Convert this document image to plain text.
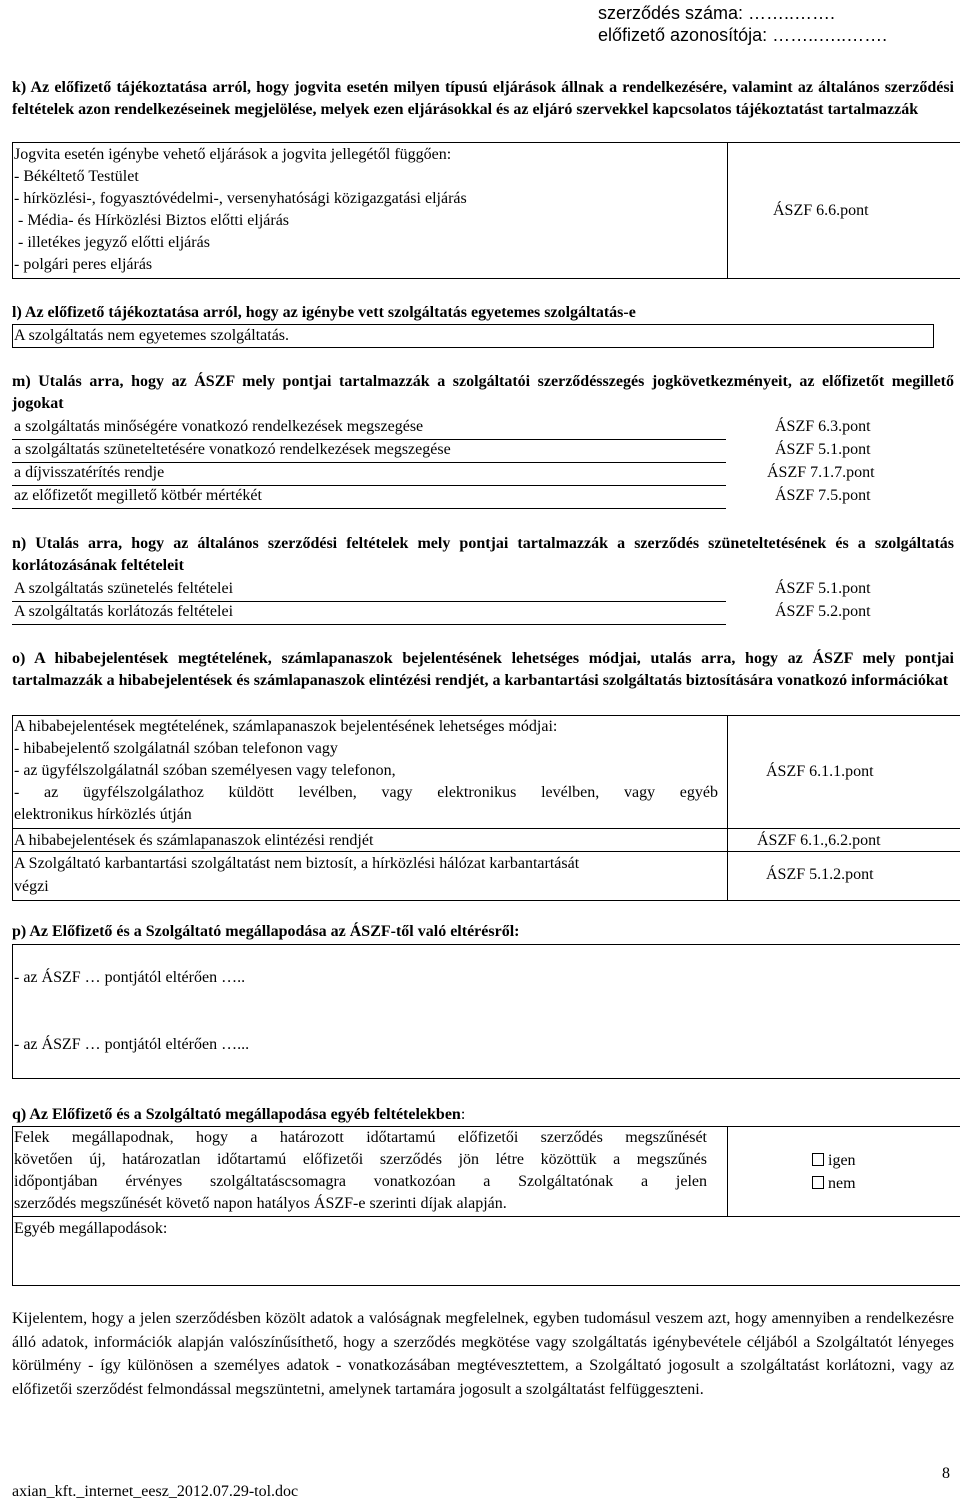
szerződés száma: ……..…….
előfizető azonosítója: ……..…..…….
k) Az előfizető tájékoztatása arról, hogy jogvita esetén milyen típusú eljárások állnak a rendelkezésére, valamint az általános szerződési feltételek azon rendelkezéseinek megjelölése, melyek ezen eljárásokkal és az eljáró szervekkel kapcsolatos tájékoztatást tartalmazzák
Jogvita esetén igénybe vehető eljárások a jogvita jellegétől függően:
- Békéltető Testület
- hírközlési-, fogyasztóvédelmi-, versenyhatósági közigazgatási eljárás
- Média- és Hírközlési Biztos előtti eljárás
- illetékes jegyző előtti eljárás
- polgári peres eljárás
ÁSZF 6.6.pont
l) Az előfizető tájékoztatása arról, hogy az igénybe vett szolgáltatás egyetemes szolgáltatás-e
A szolgáltatás nem egyetemes szolgáltatás.
m) Utalás arra, hogy az ÁSZF mely pontjai tartalmazzák a szolgáltatói szerződésszegés jogkövetkezményeit, az előfizetőt megillető jogokat
a szolgáltatás minőségére vonatkozó rendelkezések megszegése	ÁSZF 6.3.pont
a szolgáltatás szüneteltetésére vonatkozó rendelkezések megszegése	ÁSZF 5.1.pont
a díjvisszatérítés rendje	ÁSZF 7.1.7.pont
az előfizetőt megillető kötbér mértékét	ÁSZF 7.5.pont
n) Utalás arra, hogy az általános szerződési feltételek mely pontjai tartalmazzák a szerződés szüneteltetésének és a szolgáltatás korlátozásának feltételeit
A szolgáltatás szünetelés feltételei	ÁSZF 5.1.pont
A szolgáltatás korlátozás feltételei	ÁSZF 5.2.pont
o) A hibabejelentések megtételének, számlapanaszok bejelentésének lehetséges módjai, utalás arra, hogy az ÁSZF mely pontjai tartalmazzák a hibabejelentések és számlapanaszok elintézési rendjét, a karbantartási szolgáltatás biztosítására vonatkozó információkat
A hibabejelentések megtételének, számlapanaszok bejelentésének lehetséges módjai:
- hibabejelentő szolgálatnál szóban telefonon vagy
- az ügyfélszolgálatnál szóban személyesen vagy telefonon,
- az ügyfélszolgálathoz küldött levélben, vagy elektronikus levélben, vagy egyéb
elektronikus hírközlés útján
ÁSZF 6.1.1.pont
A hibabejelentések és számlapanaszok elintézési rendjét	ÁSZF 6.1.,6.2.pont
A Szolgáltató karbantartási szolgáltatást nem biztosít, a hírközlési hálózat karbantartását
végzi
ÁSZF 5.1.2.pont
p) Az Előfizető és a Szolgáltató megállapodása az ÁSZF-től való eltérésről:
- az ÁSZF … pontjától eltérően …..
- az ÁSZF … pontjától eltérően …...
q) Az Előfizető és a Szolgáltató megállapodása egyéb feltételekben:
Felek megállapodnak, hogy a határozott időtartamú előfizetői szerződés megszűnését
követően új, határozatlan időtartamú előfizetői szerződés jön létre közöttük a megszűnés
időpontjában érvényes szolgáltatáscsomagra vonatkozóan a Szolgáltatónak a jelen
szerződés megszűnését követő napon hatályos ÁSZF-e szerinti díjak alapján.
igen
nem
Egyéb megállapodások:
Kijelentem, hogy a jelen szerződésben közölt adatok a valóságnak megfelelnek, egyben tudomásul veszem azt, hogy amennyiben a rendelkezésre álló adatok, információk alapján valószínűsíthető, hogy a szerződés megkötése vagy szolgáltatás igénybevétele céljából a Szolgáltatót lényeges körülmény - így különösen a személyes adatok - vonatkozásában megtévesztettem, a Szolgáltató jogosult a szolgáltatást korlátozni, vagy az előfizetői szerződést felmondással megszüntetni, amelynek tartamára jogosult a szolgáltatást felfüggeszteni.
axian_kft._internet_eesz_2012.07.29-tol.doc
8
